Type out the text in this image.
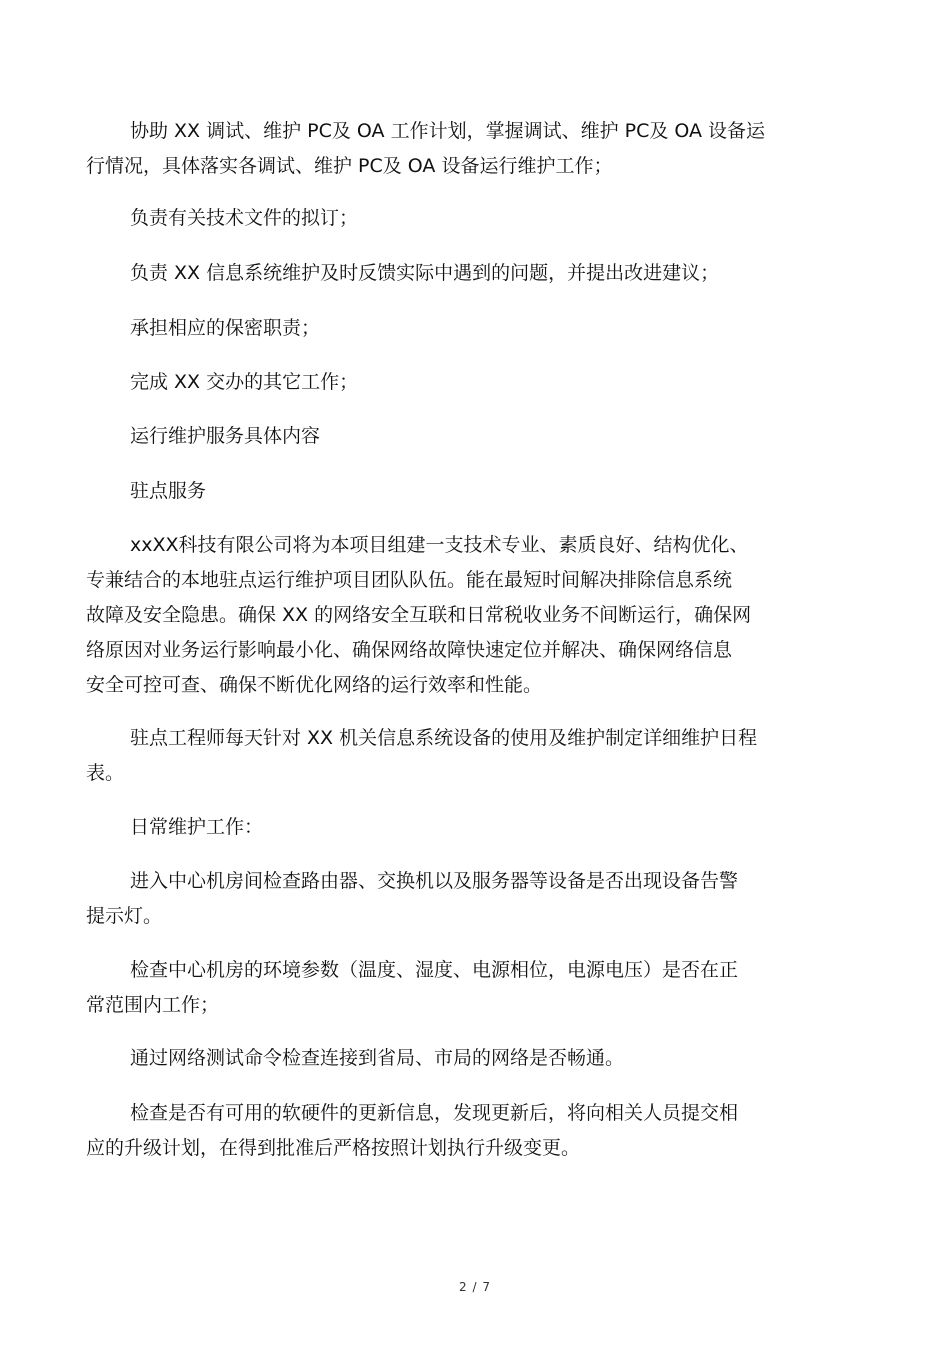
协助 XX 调试、维护 PC及 OA 工作计划，掌握调试、维护 PC及 OA 设备运
行情况，具体落实各调试、维护 PC及 OA 设备运行维护工作；

负责有关技术文件的拟订；

负责 XX 信息系统维护及时反馈实际中遇到的问题，并提出改进建议；

承担相应的保密职责；

完成 XX 交办的其它工作；

运行维护服务具体内容

驻点服务

xxXX科技有限公司将为本项目组建一支技术专业、素质良好、结构优化、
专兼结合的本地驻点运行维护项目团队队伍。能在最短时间解决排除信息系统
故障及安全隐患。确保 XX 的网络安全互联和日常税收业务不间断运行，确保网
络原因对业务运行影响最小化、确保网络故障快速定位并解决、确保网络信息
安全可控可查、确保不断优化网络的运行效率和性能。

驻点工程师每天针对 XX 机关信息系统设备的使用及维护制定详细维护日程
表。

日常维护工作：

进入中心机房间检查路由器、交换机以及服务器等设备是否出现设备告警
提示灯。

检查中心机房的环境参数（温度、湿度、电源相位，电源电压）是否在正
常范围内工作；

通过网络测试命令检查连接到省局、市局的网络是否畅通。

检查是否有可用的软硬件的更新信息，发现更新后，将向相关人员提交相
应的升级计划，在得到批准后严格按照计划执行升级变更。

2 / 7
